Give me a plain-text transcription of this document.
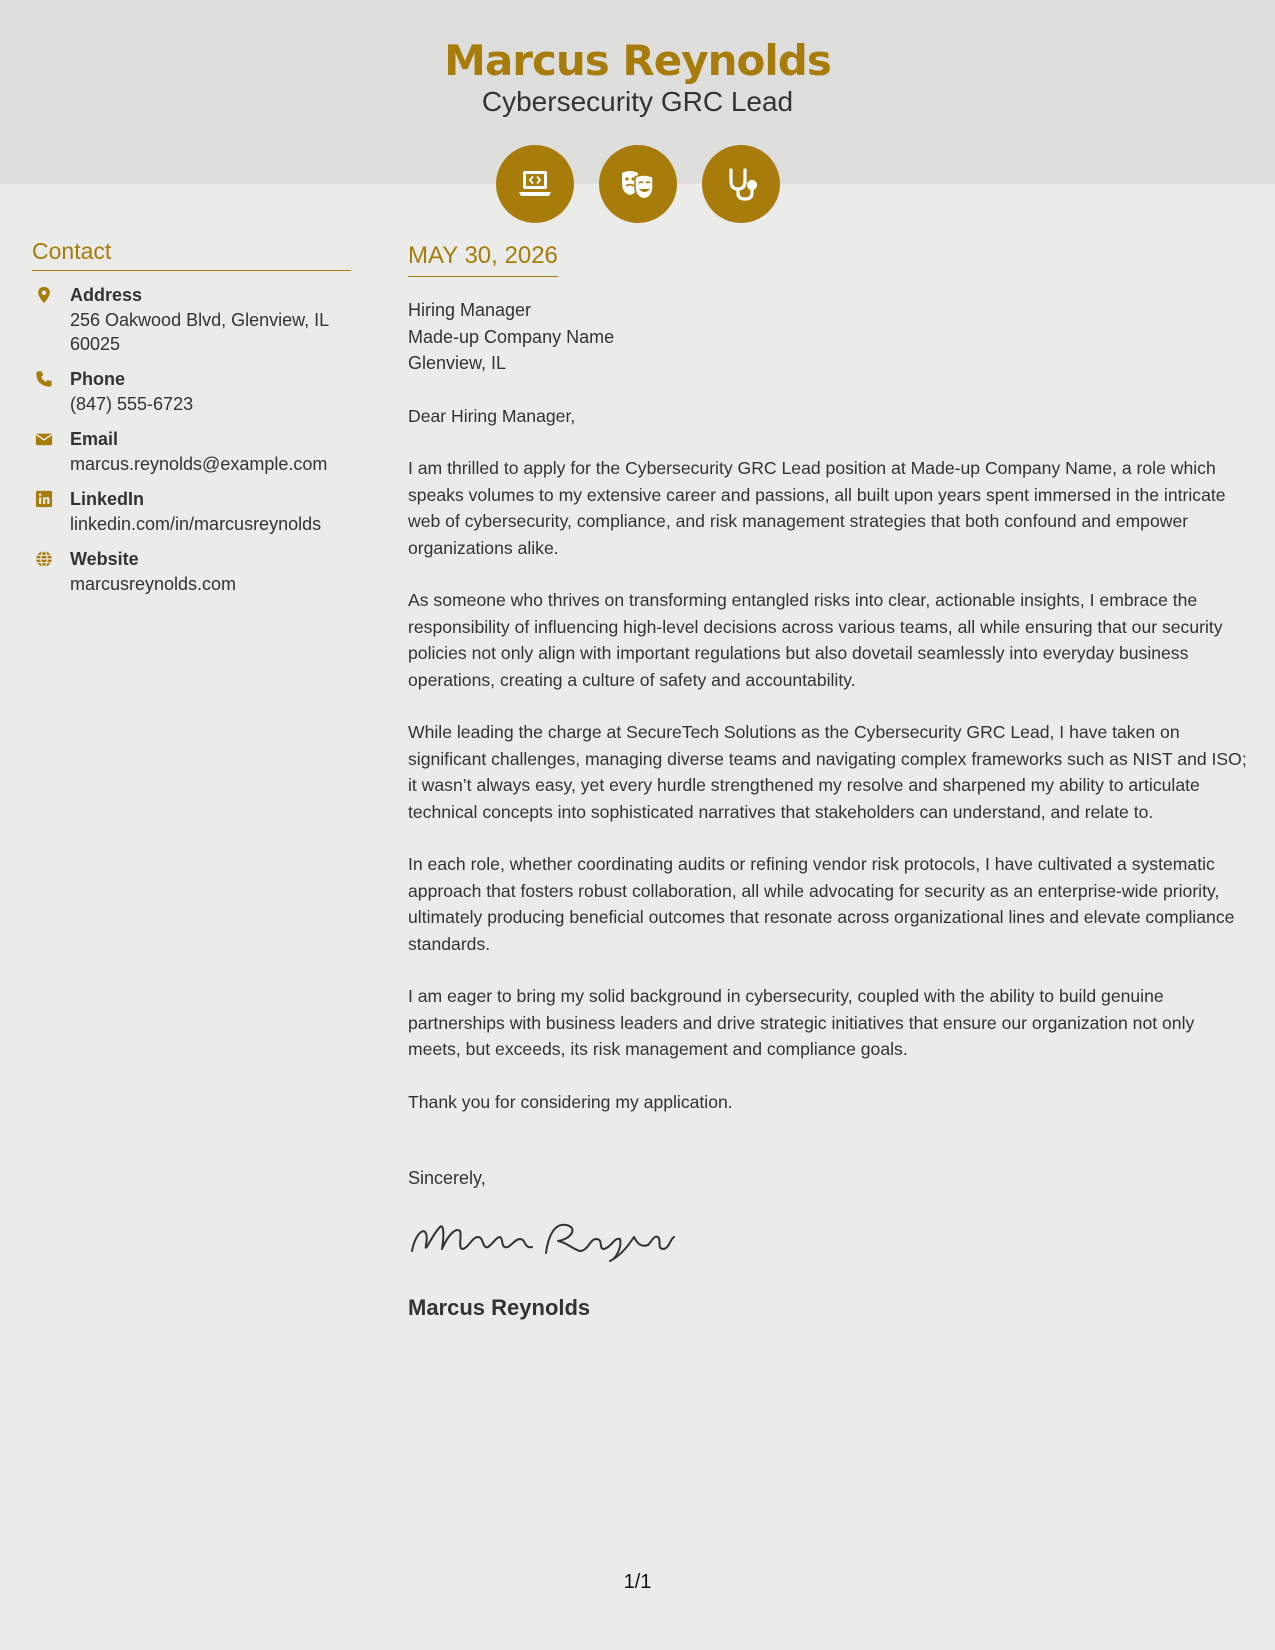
Marcus Reynolds
Cybersecurity GRC Lead
Contact
Address
256 Oakwood Blvd, Glenview, IL 60025
Phone
(847) 555-6723
Email
marcus.reynolds@example.com
LinkedIn
linkedin.com/in/marcusreynolds
Website
marcusreynolds.com
MAY 30, 2026
Hiring Manager
Made-up Company Name
Glenview, IL

Dear Hiring Manager,

I am thrilled to apply for the Cybersecurity GRC Lead position at Made-up Company Name, a role which speaks volumes to my extensive career and passions, all built upon years spent immersed in the intricate web of cybersecurity, compliance, and risk management strategies that both confound and empower organizations alike.

As someone who thrives on transforming entangled risks into clear, actionable insights, I embrace the responsibility of influencing high-level decisions across various teams, all while ensuring that our security policies not only align with important regulations but also dovetail seamlessly into everyday business operations, creating a culture of safety and accountability.

While leading the charge at SecureTech Solutions as the Cybersecurity GRC Lead, I have taken on significant challenges, managing diverse teams and navigating complex frameworks such as NIST and ISO; it wasn’t always easy, yet every hurdle strengthened my resolve and sharpened my ability to articulate technical concepts into sophisticated narratives that stakeholders can understand, and relate to.

In each role, whether coordinating audits or refining vendor risk protocols, I have cultivated a systematic approach that fosters robust collaboration, all while advocating for security as an enterprise-wide priority, ultimately producing beneficial outcomes that resonate across organizational lines and elevate compliance standards.

I am eager to bring my solid background in cybersecurity, coupled with the ability to build genuine partnerships with business leaders and drive strategic initiatives that ensure our organization not only meets, but exceeds, its risk management and compliance goals.

Thank you for considering my application.

Sincerely,
Marcus Reynolds
1/1
